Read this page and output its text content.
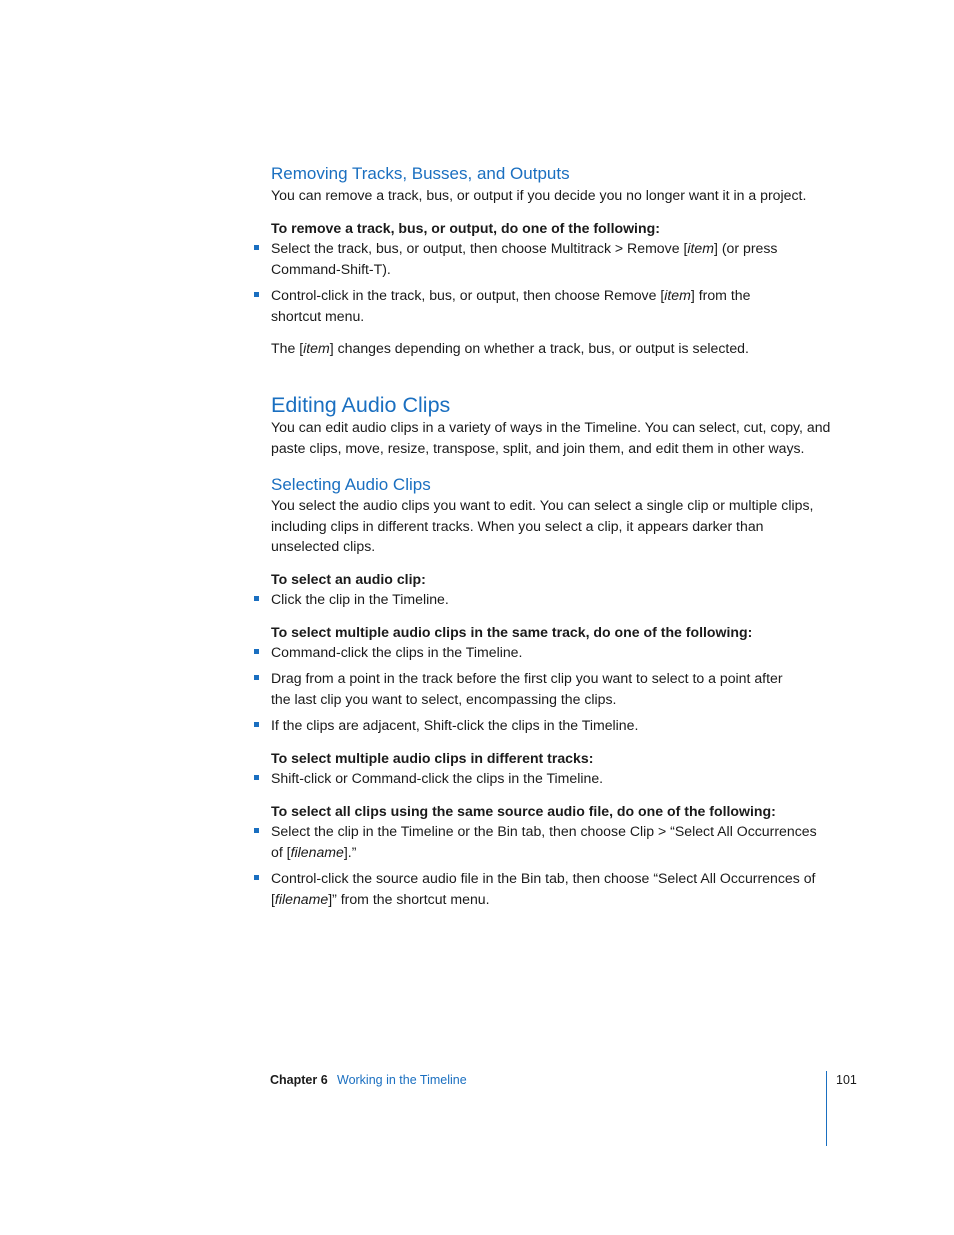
Removing Tracks, Busses, and Outputs
You can remove a track, bus, or output if you decide you no longer want it in a project.
To remove a track, bus, or output, do one of the following:
Select the track, bus, or output, then choose Multitrack > Remove [item] (or press
Command-Shift-T).
Control-click in the track, bus, or output, then choose Remove [item] from the
shortcut menu.
The [item] changes depending on whether a track, bus, or output is selected.
Editing Audio Clips
You can edit audio clips in a variety of ways in the Timeline. You can select, cut, copy, and
paste clips, move, resize, transpose, split, and join them, and edit them in other ways.
Selecting Audio Clips
You select the audio clips you want to edit. You can select a single clip or multiple clips,
including clips in different tracks. When you select a clip, it appears darker than
unselected clips.
To select an audio clip:
Click the clip in the Timeline.
To select multiple audio clips in the same track, do one of the following:
Command-click the clips in the Timeline.
Drag from a point in the track before the first clip you want to select to a point after
the last clip you want to select, encompassing the clips.
If the clips are adjacent, Shift-click the clips in the Timeline.
To select multiple audio clips in different tracks:
Shift-click or Command-click the clips in the Timeline.
To select all clips using the same source audio file, do one of the following:
Select the clip in the Timeline or the Bin tab, then choose Clip > “Select All Occurrences
of [filename].”
Control-click the source audio file in the Bin tab, then choose “Select All Occurrences of
[filename]” from the shortcut menu.
Chapter 6 Working in the Timeline	101
